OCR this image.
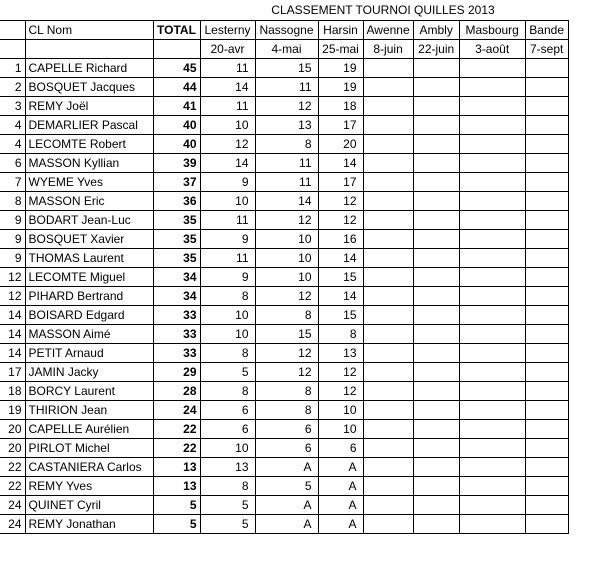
CLASSEMENT TOURNOI QUILLES 2013
	CL Nom	TOTAL	Lesterny	Nassogne	Harsin	Awenne	Ambly	Masbourg	Bande
			20-avr	4-mai	25-mai	8-juin	22-juin	3-août	7-sept
1	CAPELLE Richard	45	11	15	19				
2	BOSQUET Jacques	44	14	11	19				
3	REMY Joël	41	11	12	18				
4	DEMARLIER Pascal	40	10	13	17				
4	LECOMTE Robert	40	12	8	20				
6	MASSON Kyllian	39	14	11	14				
7	WYEME Yves	37	9	11	17				
8	MASSON Eric	36	10	14	12				
9	BODART Jean-Luc	35	11	12	12				
9	BOSQUET Xavier	35	9	10	16				
9	THOMAS Laurent	35	11	10	14				
12	LECOMTE Miguel	34	9	10	15				
12	PIHARD Bertrand	34	8	12	14				
14	BOISARD Edgard	33	10	8	15				
14	MASSON Aimé	33	10	15	8				
14	PETIT Arnaud	33	8	12	13				
17	JAMIN Jacky	29	5	12	12				
18	BORCY Laurent	28	8	8	12				
19	THIRION Jean	24	6	8	10				
20	CAPELLE Aurélien	22	6	6	10				
20	PIRLOT Michel	22	10	6	6				
22	CASTANIERA Carlos	13	13	A	A				
22	REMY Yves	13	8	5	A				
24	QUINET Cyril	5	5	A	A				
24	REMY Jonathan	5	5	A	A				
